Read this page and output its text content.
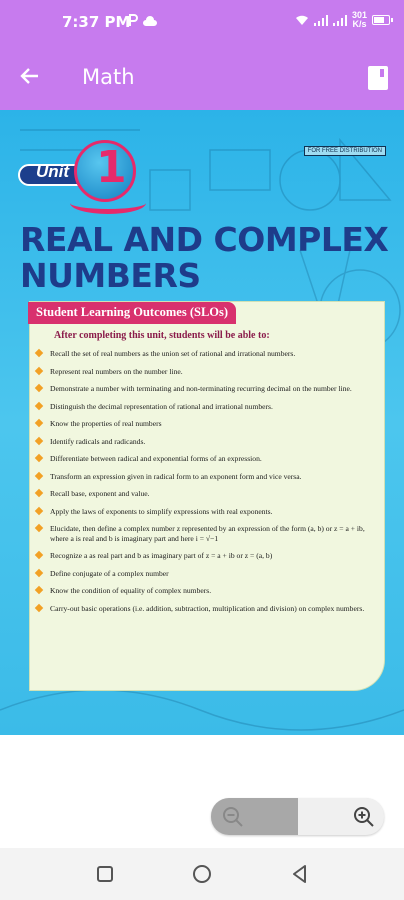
7:37 PM
	301
K/s
Math
FOR FREE DISTRIBUTION
Unit 1
REAL AND COMPLEX
NUMBERS
Student Learning Outcomes (SLOs)
After completing this unit, students will be able to:
Recall the set of real numbers as the union set of rational and irrational numbers.
Represent real numbers on the number line.
Demonstrate a number with terminating and non-terminating recurring decimal on the number line.
Distinguish the decimal representation of rational and irrational numbers.
Know the properties of real numbers
Identify radicals and radicands.
Differentiate between radical and exponential forms of an expression.
Transform an expression given in radical form to an exponent form and vice versa.
Recall base, exponent and value.
Apply the laws of exponents to simplify expressions with real exponents.
Elucidate, then define a complex number z represented by an expression of the form (a, b) or z = a + ib, where a is real and b is imaginary part and here i = √−1
Recognize a as real part and b as imaginary part of z = a + ib or z = (a, b)
Define conjugate of a complex number
Know the condition of equality of complex numbers.
Carry-out basic operations (i.e. addition, subtraction, multiplication and division) on complex numbers.
